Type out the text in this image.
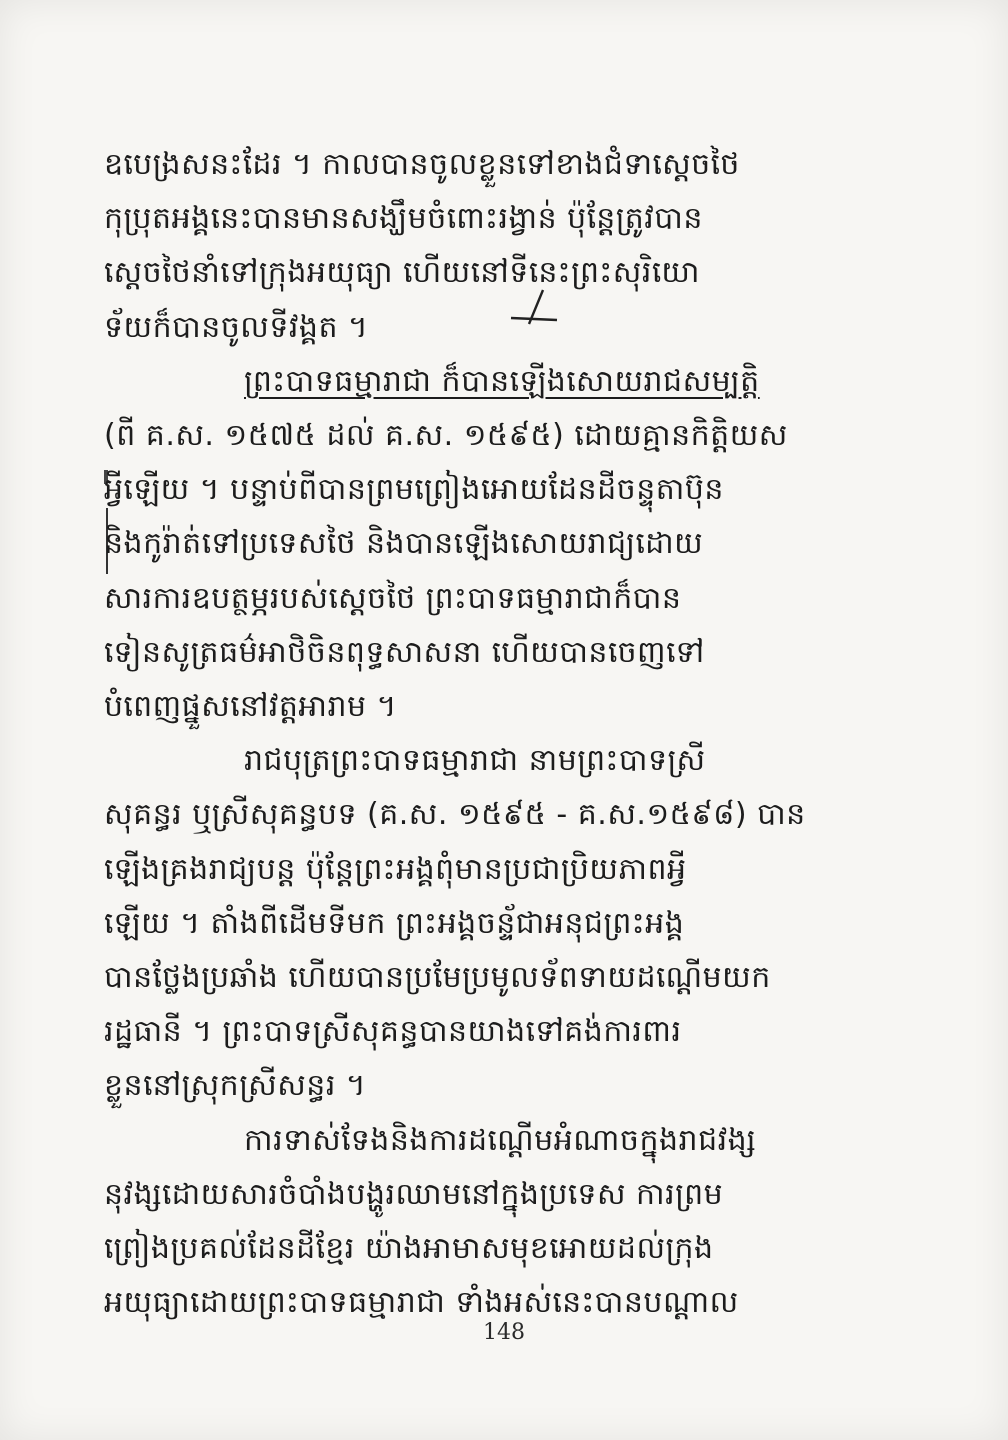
ឧបេង្រសនះដែរ ។ កាលបានចូលខ្លួនទៅខាងជំទាស្ដេចថៃ
កុប្រុតអង្គនេះបានមានសង្ឃឹមចំពោះរង្វាន់ ប៉ុន្តែត្រូវបាន
ស្ដេចថៃនាំទៅក្រុងអយុធ្យា ហើយនៅទីនេះព្រះសុរិយោ
ទ័យក៏បានចូលទីវង្គត ។

ព្រះបាទធម្មារាជា ក៏បានឡើងសោយរាជសម្បត្តិ
(ពី គ.ស. ១៥៧៥ ដល់ គ.ស. ១៥៩៥) ដោយគ្មានកិត្តិយស
អ្វីឡើយ ។ បន្ទាប់ពីបានព្រមព្រៀងអោយដែនដីចន្ទុតាប៊ុន
និងកូរ៉ាត់ទៅប្រទេសថៃ និងបានឡើងសោយរាជ្យដោយ
សារការឧបត្ថម្ភរបស់ស្ដេចថៃ ព្រះបាទធម្មារាជាក៏បាន
ទៀនសូត្រធម៌អាថិចិនពុទ្ធសាសនា ហើយបានចេញទៅ
បំពេញផ្នួសនៅវត្តអារាម ។

រាជបុត្រព្រះបាទធម្មារាជា នាមព្រះបាទស្រី
សុគន្ធរ ឬស្រីសុគន្ធបទ (គ.ស. ១៥៩៥ - គ.ស.១៥៩៨) បាន
ឡើងគ្រងរាជ្យបន្ត ប៉ុន្តែព្រះអង្គពុំមានប្រជាប្រិយភាពអ្វី
ឡើយ ។ តាំងពីដើមទីមក ព្រះអង្គចន្ទ័ជាអនុជព្រះអង្គ
បានថ្លែងប្រឆាំង ហើយបានប្រមែប្រមូលទ័ពទាយដណ្ដើមយក
រដ្ឋធានី ។ ព្រះបាទស្រីសុគន្ធបានយាងទៅគង់ការពារ
ខ្លួននៅស្រុកស្រីសន្ធរ ។

ការទាស់ទែងនិងការដណ្ដើមអំណាចក្នុងរាជវង្ស
នុវង្សដោយសារចំបាំងបង្ហូរឈាមនៅក្នុងប្រទេស ការព្រម
ព្រៀងប្រគល់ដែនដីខ្មែរ យ៉ាងអាមាសមុខអោយដល់ក្រុង
អយុធ្យាដោយព្រះបាទធម្មារាជា ទាំងអស់នេះបានបណ្ដាល

148
